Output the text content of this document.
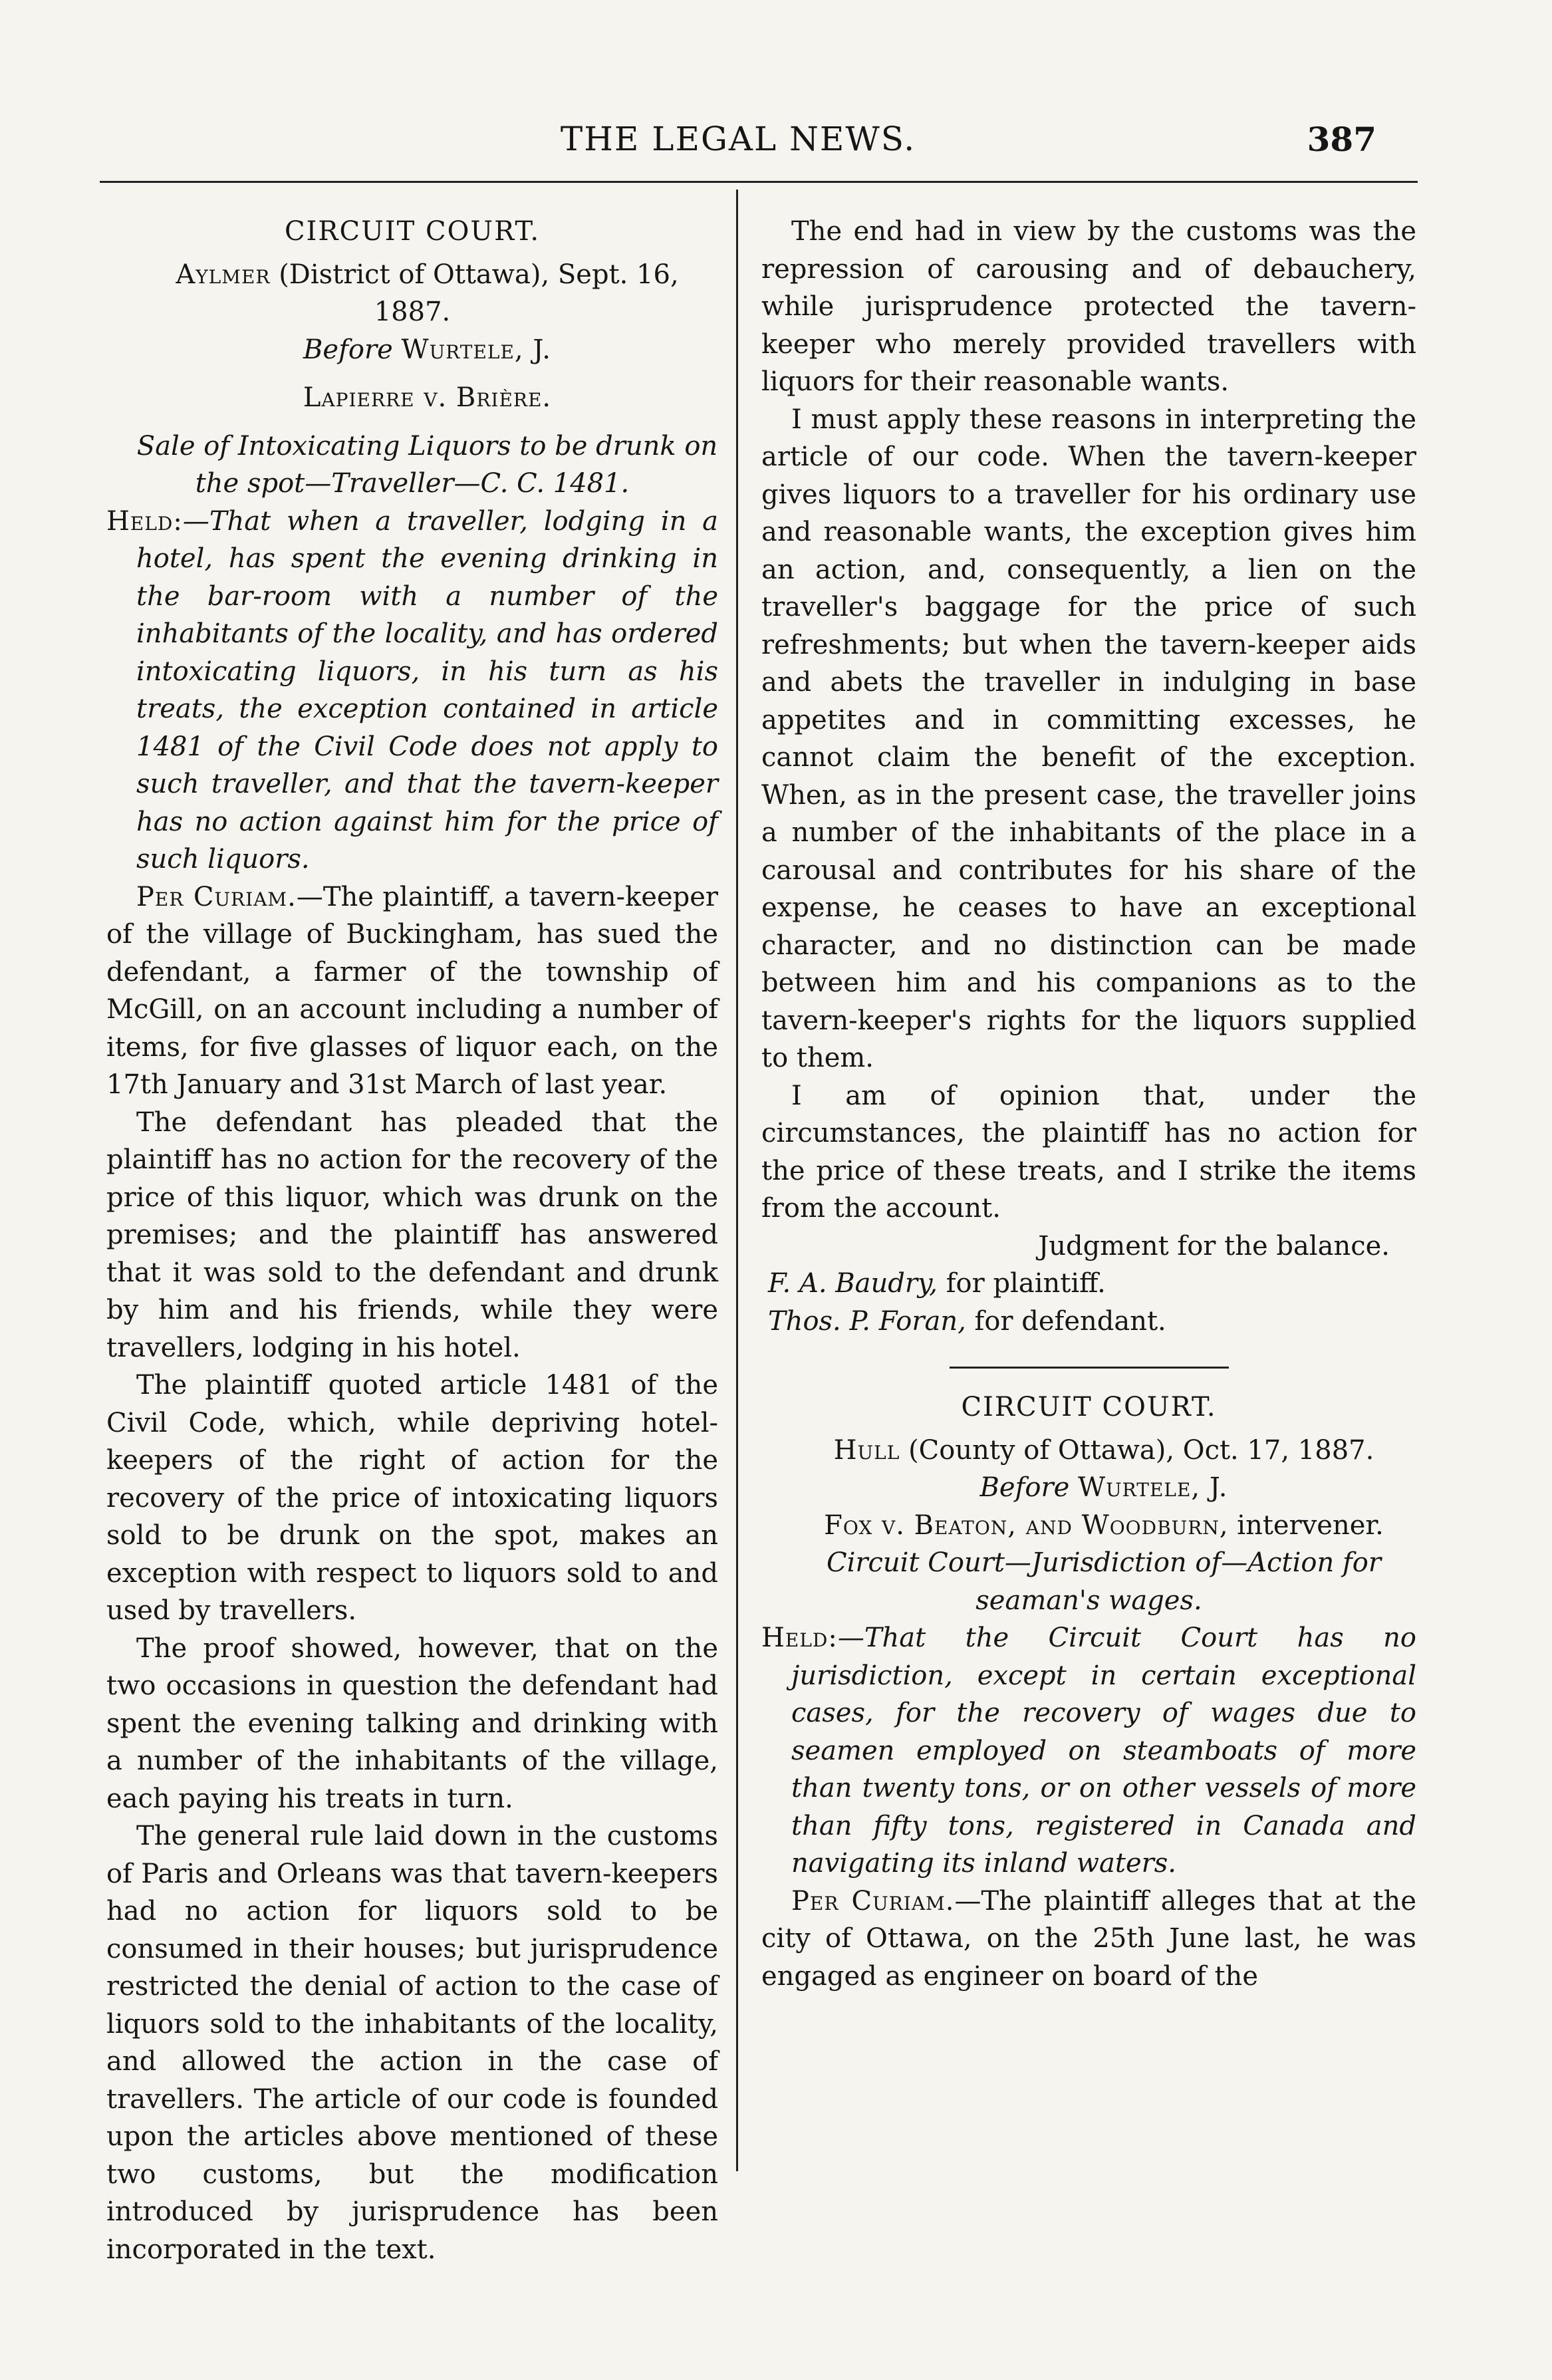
THE LEGAL NEWS.	387
CIRCUIT COURT.

Aylmer (District of Ottawa), Sept. 16, 1887.

Before Wurtele, J.

Lapierre v. Brière.

Sale of Intoxicating Liquors to be drunk on the spot—Traveller—C. C. 1481.

Held:—That when a traveller, lodging in a hotel, has spent the evening drinking in the bar-room with a number of the inhabitants of the locality, and has ordered intoxicating liquors, in his turn as his treats, the exception contained in article 1481 of the Civil Code does not apply to such traveller, and that the tavern-keeper has no action against him for the price of such liquors.

Per Curiam.—The plaintiff, a tavern-keeper of the village of Buckingham, has sued the defendant, a farmer of the township of McGill, on an account including a number of items, for five glasses of liquor each, on the 17th January and 31st March of last year.

The defendant has pleaded that the plaintiff has no action for the recovery of the price of this liquor, which was drunk on the premises; and the plaintiff has answered that it was sold to the defendant and drunk by him and his friends, while they were travellers, lodging in his hotel.

The plaintiff quoted article 1481 of the Civil Code, which, while depriving hotel-keepers of the right of action for the recovery of the price of intoxicating liquors sold to be drunk on the spot, makes an exception with respect to liquors sold to and used by travellers.

The proof showed, however, that on the two occasions in question the defendant had spent the evening talking and drinking with a number of the inhabitants of the village, each paying his treats in turn.

The general rule laid down in the customs of Paris and Orleans was that tavern-keepers had no action for liquors sold to be consumed in their houses; but jurisprudence restricted the denial of action to the case of liquors sold to the inhabitants of the locality, and allowed the action in the case of travellers. The article of our code is founded upon the articles above mentioned of these two customs, but the modification introduced by jurisprudence has been incorporated in the text.

The end had in view by the customs was the repression of carousing and of debauchery, while jurisprudence protected the tavern-keeper who merely provided travellers with liquors for their reasonable wants.

I must apply these reasons in interpreting the article of our code. When the tavern-keeper gives liquors to a traveller for his ordinary use and reasonable wants, the exception gives him an action, and, consequently, a lien on the traveller's baggage for the price of such refreshments; but when the tavern-keeper aids and abets the traveller in indulging in base appetites and in committing excesses, he cannot claim the benefit of the exception. When, as in the present case, the traveller joins a number of the inhabitants of the place in a carousal and contributes for his share of the expense, he ceases to have an exceptional character, and no distinction can be made between him and his companions as to the tavern-keeper's rights for the liquors supplied to them.

I am of opinion that, under the circumstances, the plaintiff has no action for the price of these treats, and I strike the items from the account.

Judgment for the balance.

F. A. Baudry, for plaintiff.

Thos. P. Foran, for defendant.

CIRCUIT COURT.

Hull (County of Ottawa), Oct. 17, 1887.

Before Wurtele, J.

Fox v. Beaton, and Woodburn, intervener.

Circuit Court—Jurisdiction of—Action for seaman's wages.

Held:—That the Circuit Court has no jurisdiction, except in certain exceptional cases, for the recovery of wages due to seamen employed on steamboats of more than twenty tons, or on other vessels of more than fifty tons, registered in Canada and navigating its inland waters.

Per Curiam.—The plaintiff alleges that at the city of Ottawa, on the 25th June last, he was engaged as engineer on board of the
